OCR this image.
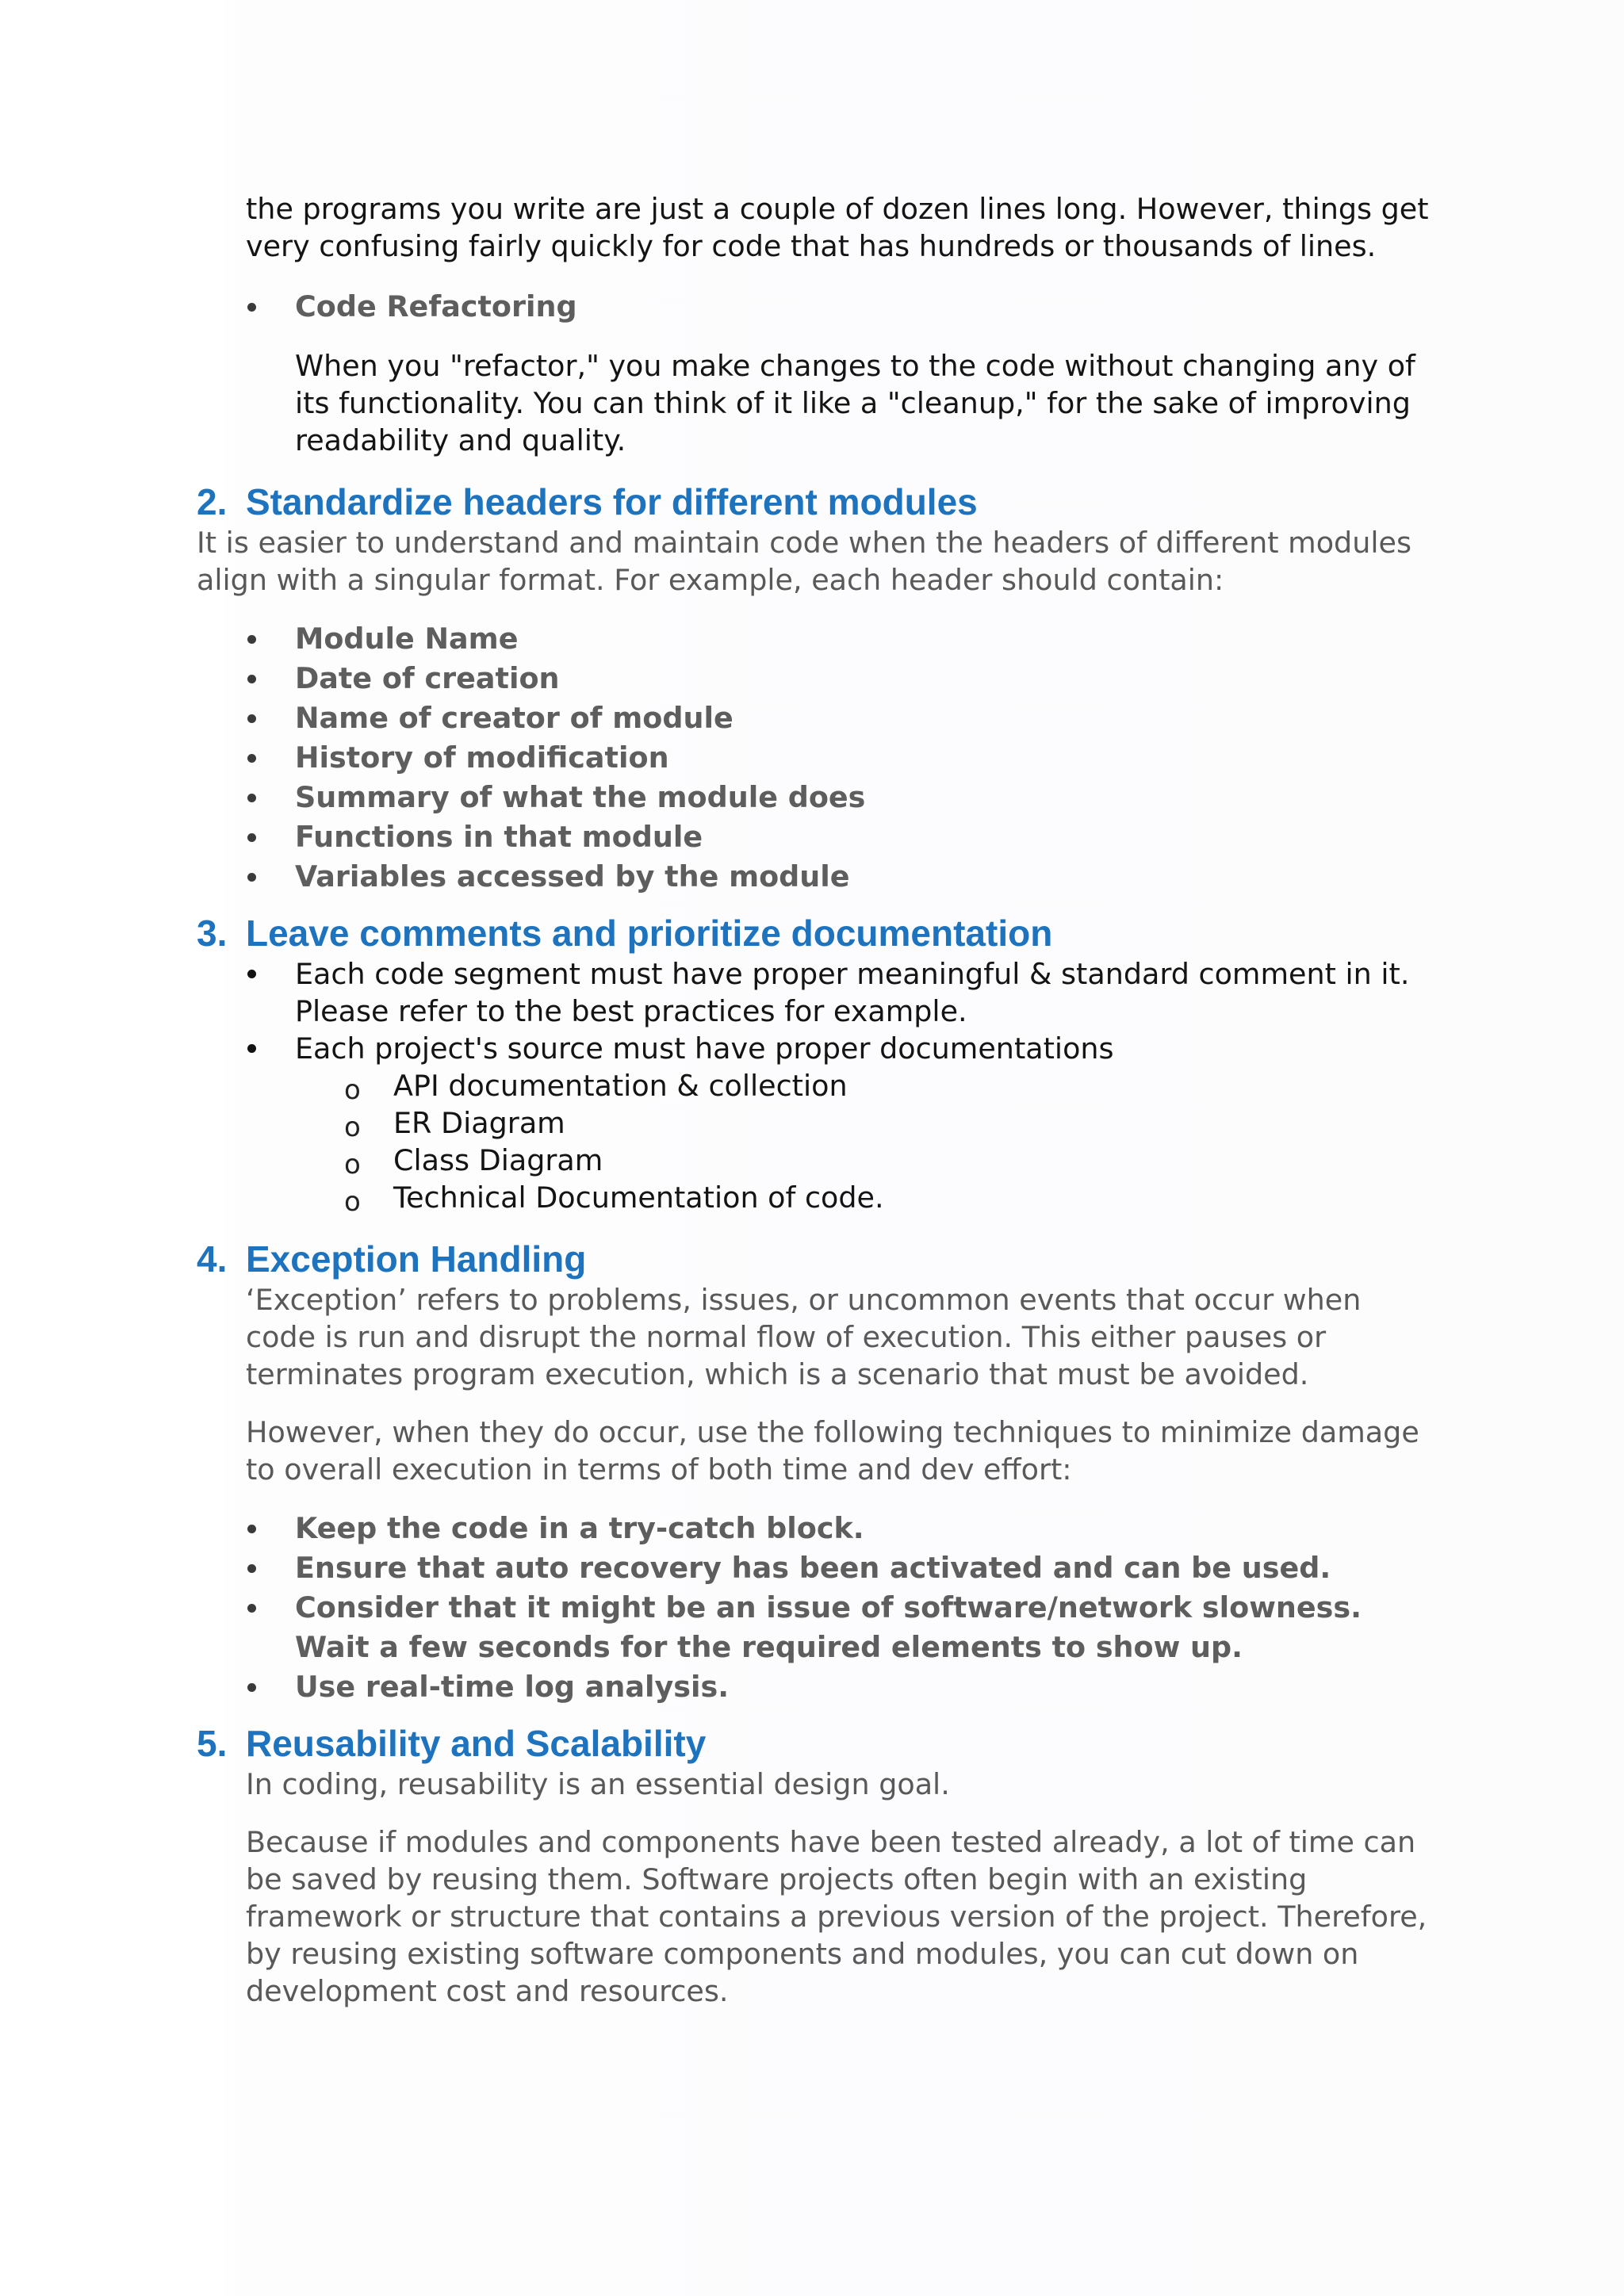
the programs you write are just a couple of dozen lines long. However, things get very confusing fairly quickly for code that has hundreds or thousands of lines.

Code Refactoring

When you "refactor," you make changes to the code without changing any of its functionality. You can think of it like a "cleanup," for the sake of improving readability and quality.

2. Standardize headers for different modules

It is easier to understand and maintain code when the headers of different modules align with a singular format. For example, each header should contain:

Module Name
Date of creation
Name of creator of module
History of modification
Summary of what the module does
Functions in that module
Variables accessed by the module
3. Leave comments and prioritize documentation
Each code segment must have proper meaningful & standard comment in it. Please refer to the best practices for example.
Each project's source must have proper documentations
o API documentation & collection
o ER Diagram
o Class Diagram
o Technical Documentation of code.
4. Exception Handling

‘Exception’ refers to problems, issues, or uncommon events that occur when code is run and disrupt the normal flow of execution. This either pauses or terminates program execution, which is a scenario that must be avoided.

However, when they do occur, use the following techniques to minimize damage to overall execution in terms of both time and dev effort:

Keep the code in a try-catch block.
Ensure that auto recovery has been activated and can be used.
Consider that it might be an issue of software/network slowness. Wait a few seconds for the required elements to show up.
Use real-time log analysis.
5. Reusability and Scalability

In coding, reusability is an essential design goal.

Because if modules and components have been tested already, a lot of time can be saved by reusing them. Software projects often begin with an existing framework or structure that contains a previous version of the project. Therefore, by reusing existing software components and modules, you can cut down on development cost and resources.
